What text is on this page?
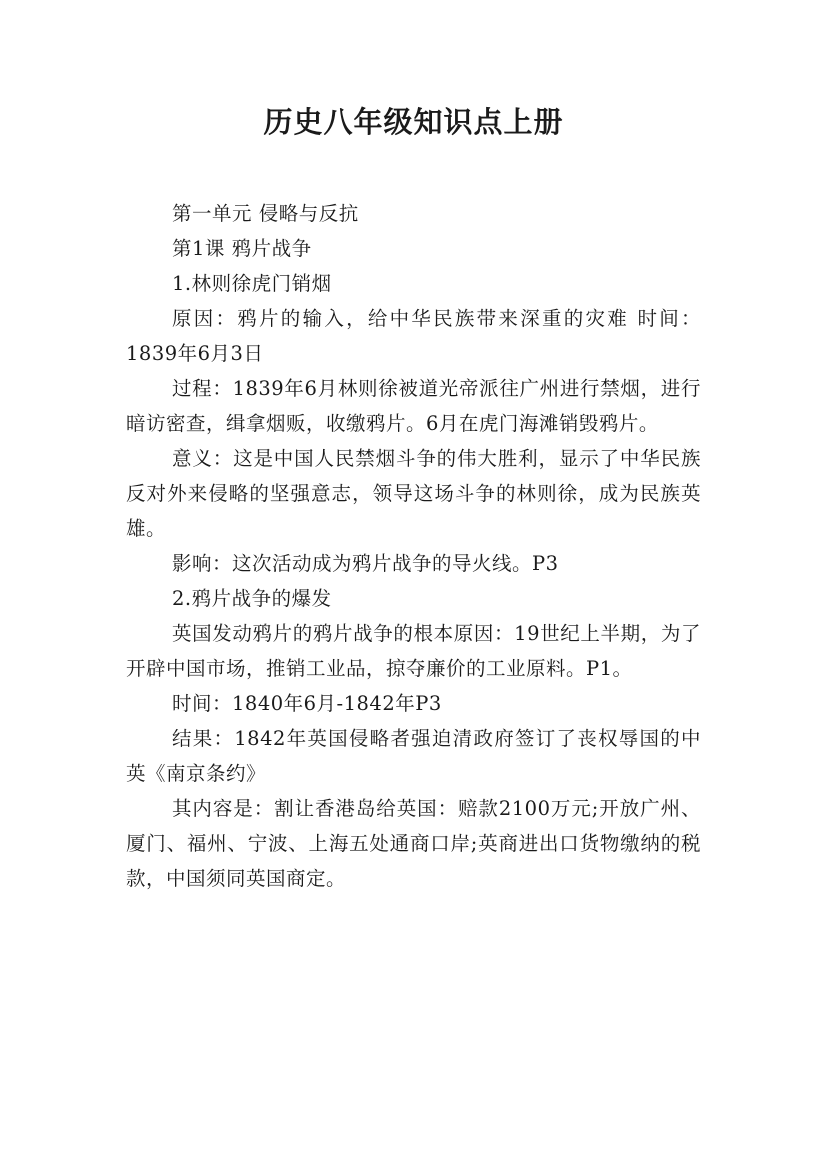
历史八年级知识点上册

第一单元 侵略与反抗

第1课 鸦片战争

1.林则徐虎门销烟

原因：鸦片的输入，给中华民族带来深重的灾难 时间：1839年6月3日

过程：1839年6月林则徐被道光帝派往广州进行禁烟，进行暗访密查，缉拿烟贩，收缴鸦片。6月在虎门海滩销毁鸦片。

意义：这是中国人民禁烟斗争的伟大胜利，显示了中华民族反对外来侵略的坚强意志，领导这场斗争的林则徐，成为民族英雄。

影响：这次活动成为鸦片战争的导火线。P3

2.鸦片战争的爆发

英国发动鸦片的鸦片战争的根本原因：19世纪上半期，为了开辟中国市场，推销工业品，掠夺廉价的工业原料。P1。

时间：1840年6月-1842年P3

结果：1842年英国侵略者强迫清政府签订了丧权辱国的中英《南京条约》

其内容是：割让香港岛给英国：赔款2100万元;开放广州、厦门、福州、宁波、上海五处通商口岸;英商进出口货物缴纳的税款，中国须同英国商定。
